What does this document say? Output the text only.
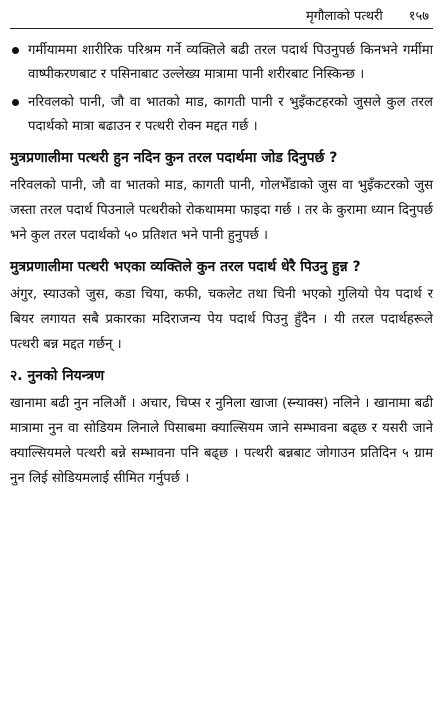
मृगौलाको पत्थरी १५७
गर्मीयाममा शारीरिक परिश्रम गर्ने व्यक्तिले बढी तरल पदार्थ पिउनुपर्छ किनभने गर्मीमा वाष्पीकरणबाट र पसिनाबाट उल्लेख्य मात्रामा पानी शरीरबाट निस्किन्छ ।
नरिवलको पानी, जौ वा भातको माड, कागती पानी र भुइँकटहरको जुसले कुल तरल पदार्थको मात्रा बढाउन र पत्थरी रोक्न मद्दत गर्छ ।
मुत्रप्रणालीमा पत्थरी हुन नदिन कुन तरल पदार्थमा जोड दिनुपर्छ ?

नरिवलको पानी, जौ वा भातको माड, कागती पानी, गोलभेँडाको जुस वा भुइँकटरको जुस जस्ता तरल पदार्थ पिउनाले पत्थरीको रोकथाममा फाइदा गर्छ । तर के कुरामा ध्यान दिनुपर्छ भने कुल तरल पदार्थको ५० प्रतिशत भने पानी हुनुपर्छ ।

मुत्रप्रणालीमा पत्थरी भएका व्यक्तिले कुन तरल पदार्थ धेरै पिउनु हुन्न ?

अंगुर, स्याउको जुस, कडा चिया, कफी, चकलेट तथा चिनी भएको गुलियो पेय पदार्थ र बियर लगायत सबै प्रकारका मदिराजन्य पेय पदार्थ पिउनु हुँदैन । यी तरल पदार्थहरूले पत्थरी बन्न मद्दत गर्छन् ।

२. नुनको नियन्त्रण

खानामा बढी नुन नलिऔं । अचार, चिप्स र नुनिला खाजा (स्न्याक्स) नलिने । खानामा बढी मात्रामा नुन वा सोडियम लिनाले पिसाबमा क्याल्सियम जाने सम्भावना बढ्छ र यसरी जाने क्याल्सियमले पत्थरी बन्ने सम्भावना पनि बढ्छ । पत्थरी बन्नबाट जोगाउन प्रतिदिन ५ ग्राम नुन लिई सोडियमलाई सीमित गर्नुपर्छ ।
